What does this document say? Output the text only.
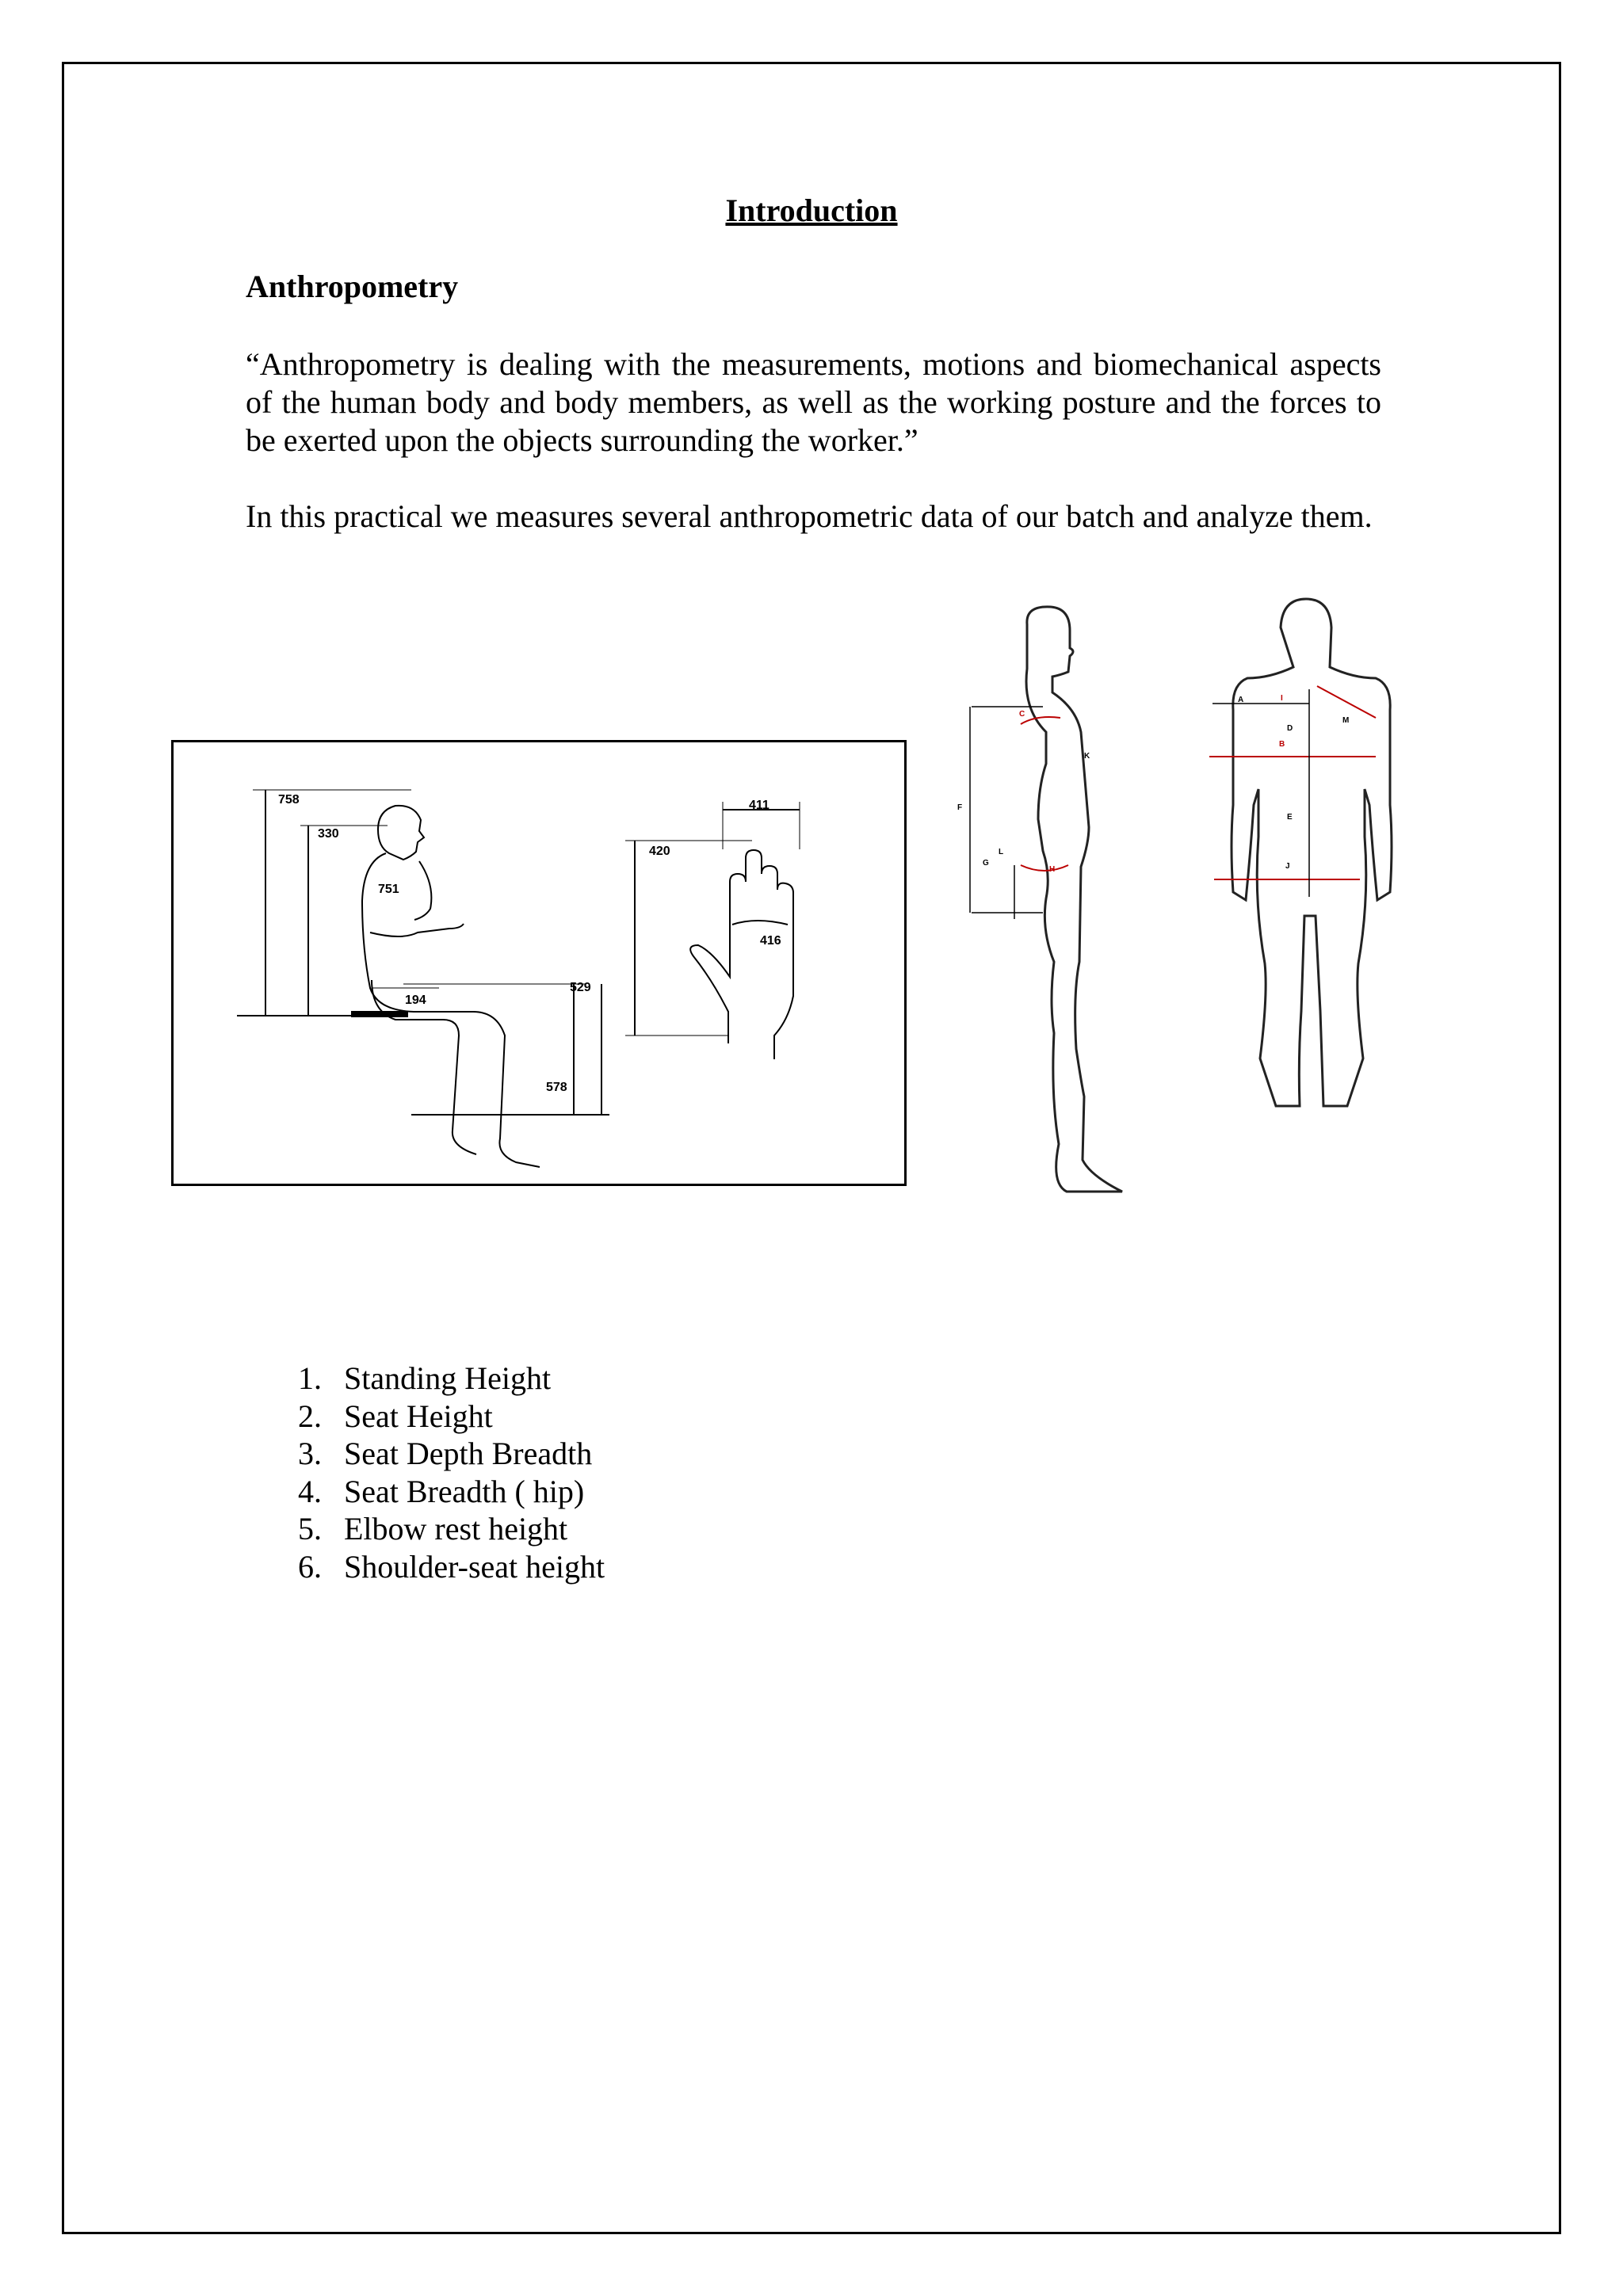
Introduction
Anthropometry
“Anthropometry is dealing with the measurements, motions and biomechanical aspects of the human body and body members, as well as the working posture and the forces to be exerted upon the objects surrounding the worker.”
In this practical we measures several anthropometric data of our batch and analyze them.
758
330
751
194
529
578
411
420
416
A
B
C
D
E
F
G
H
I
J
K
L
M
1. Standing Height
2. Seat Height
3. Seat Depth Breadth
4. Seat Breadth ( hip)
5. Elbow rest height
6. Shoulder-seat height
